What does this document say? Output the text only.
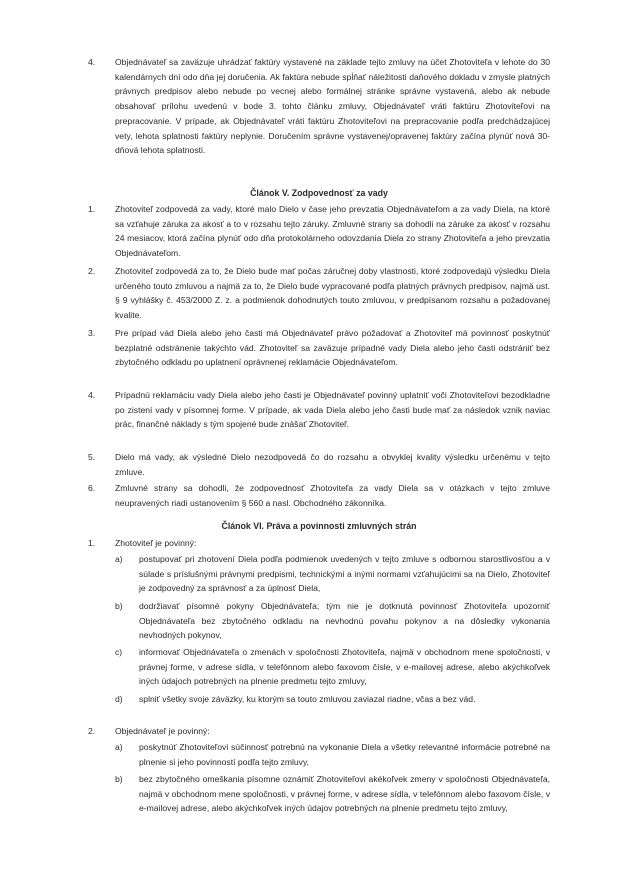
4. Objednávateľ sa zaväzuje uhrádzať faktúry vystavené na základe tejto zmluvy na účet Zhotoviteľa v lehote do 30 kalendárnych dní odo dňa jej doručenia. Ak faktúra nebude spĺňať náležitosti daňového dokladu v zmysle platných právnych predpisov alebo nebude po vecnej alebo formálnej stránke správne vystavená, alebo ak nebude obsahovať prílohu uvedenú v bode 3. tohto článku zmluvy, Objednávateľ vráti faktúru Zhotoviteľovi na prepracovanie. V prípade, ak Objednávateľ vráti faktúru Zhotoviteľovi na prepracovanie podľa predchádzajúcej vety, lehota splatnosti faktúry neplynie. Doručením správne vystavenej/opravenej faktúry začína plynúť nová 30-dňová lehota splatnosti.
Článok V. Zodpovednosť za vady
1. Zhotoviteľ zodpovedá za vady, ktoré malo Dielo v čase jeho prevzatia Objednávateľom a za vady Diela, na ktoré sa vzťahuje záruka za akosť a to v rozsahu tejto záruky. Zmluvné strany sa dohodli na záruke za akosť v rozsahu 24 mesiacov, ktorá začína plynúť odo dňa protokolárneho odovzdania Diela zo strany Zhotoviteľa a jeho prevzatia Objednávateľom.
2. Zhotoviteľ zodpovedá za to, že Dielo bude mať počas záručnej doby vlastnosti, ktoré zodpovedajú výsledku Diela určeného touto zmluvou a najmä za to, že Dielo bude vypracované podľa platných právnych predpisov, najmä ust. § 9 vyhlášky č. 453/2000 Z. z. a podmienok dohodnutých touto zmluvou, v predpísanom rozsahu a požadovanej kvalite.
3. Pre prípad vád Diela alebo jeho časti má Objednávateľ právo požadovať a Zhotoviteľ má povinnosť poskytnúť bezplatné odstránenie takýchto vád. Zhotoviteľ sa zaväzuje prípadné vady Diela alebo jeho časti odstrániť bez zbytočného odkladu po uplatnení oprávnenej reklamácie Objednávateľom.
4. Prípadnú reklamáciu vady Diela alebo jeho časti je Objednávateľ povinný uplatniť voči Zhotoviteľovi bezodkladne po zistení vady v písomnej forme. V prípade, ak vada Diela alebo jeho časti bude mať za následok vznik naviac prác, finančné náklady s tým spojené bude znášať Zhotoviteľ.
5. Dielo má vady, ak výsledné Dielo nezodpovedá čo do rozsahu a obvyklej kvality výsledku určenému v tejto zmluve.
6. Zmluvné strany sa dohodli, že zodpovednosť Zhotoviteľa za vady Diela sa v otázkach v tejto zmluve neupravených riadi ustanovením § 560 a nasl. Obchodného zákonníka.
Článok VI. Práva a povinnosti zmluvných strán
1. Zhotoviteľ je povinný:
a) postupovať pri zhotovení Diela podľa podmienok uvedených v tejto zmluve s odbornou starostlivosťou a v súlade s príslušnými právnymi predpismi, technickými a inými normami vzťahujúcimi sa na Dielo, Zhotoviteľ je zodpovedný za správnosť a za úplnosť Diela,
b) dodržiavať písomné pokyny Objednávateľa; tým nie je dotknutá povinnosť Zhotoviteľa upozorniť Objednávateľa bez zbytočného odkladu na nevhodnú povahu pokynov a na dôsledky vykonania nevhodných pokynov,
c) informovať Objednávateľa o zmenách v spoločnosti Zhotoviteľa, najmä v obchodnom mene spoločnosti, v právnej forme, v adrese sídla, v telefónnom alebo faxovom čísle, v e-mailovej adrese, alebo akýchkoľvek iných údajoch potrebných na plnenie predmetu tejto zmluvy,
d) splniť všetky svoje záväzky, ku ktorým sa touto zmluvou zaviazal riadne, včas a bez vád.
2. Objednávateľ je povinný:
a) poskytnúť Zhotoviteľovi súčinnosť potrebnú na vykonanie Diela a všetky relevantné informácie potrebné na plnenie si jeho povinností podľa tejto zmluvy,
b) bez zbytočného omeškania písomne oznámiť Zhotoviteľovi akékoľvek zmeny v spoločnosti Objednávateľa, najmä v obchodnom mene spoločnosti, v právnej forme, v adrese sídla, v telefónnom alebo faxovom čísle, v e-mailovej adrese, alebo akýchkoľvek iných údajov potrebných na plnenie predmetu tejto zmluvy,
